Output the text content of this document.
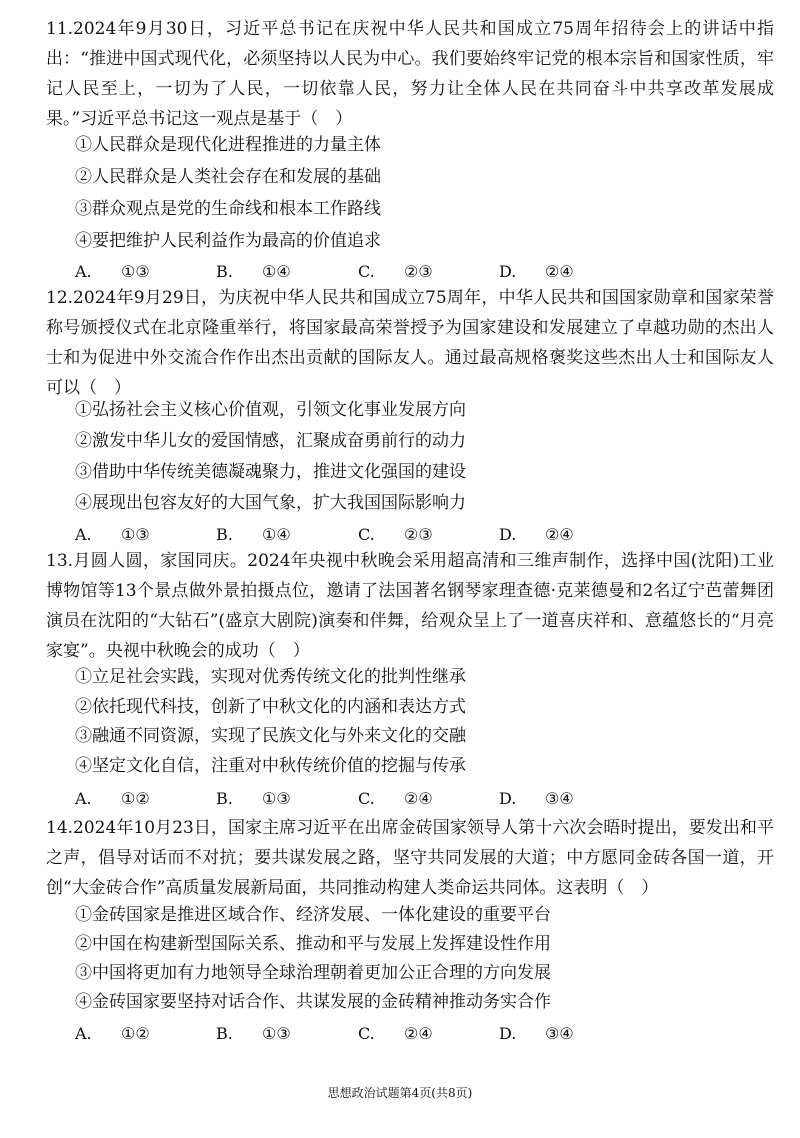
11.2024年9月30日，习近平总书记在庆祝中华人民共和国成立75周年招待会上的讲话中指出：“推进中国式现代化，必须坚持以人民为中心。我们要始终牢记党的根本宗旨和国家性质，牢记人民至上，一切为了人民，一切依靠人民，努力让全体人民在共同奋斗中共享改革发展成果。”习近平总书记这一观点是基于（　）
①人民群众是现代化进程推进的力量主体
②人民群众是人类社会存在和发展的基础
③群众观点是党的生命线和根本工作路线
④要把维护人民利益作为最高的价值追求
A. ①③	B. ①④	C. ②③	D. ②④
12.2024年9月29日，为庆祝中华人民共和国成立75周年，中华人民共和国国家勋章和国家荣誉称号颁授仪式在北京隆重举行，将国家最高荣誉授予为国家建设和发展建立了卓越功勋的杰出人士和为促进中外交流合作作出杰出贡献的国际友人。通过最高规格褒奖这些杰出人士和国际友人可以（　）
①弘扬社会主义核心价值观，引领文化事业发展方向
②激发中华儿女的爱国情感，汇聚成奋勇前行的动力
③借助中华传统美德凝魂聚力，推进文化强国的建设
④展现出包容友好的大国气象，扩大我国国际影响力
A. ①③	B. ①④	C. ②③	D. ②④
13.月圆人圆，家国同庆。2024年央视中秋晚会采用超高清和三维声制作，选择中国(沈阳)工业博物馆等13个景点做外景拍摄点位，邀请了法国著名钢琴家理查德·克莱德曼和2名辽宁芭蕾舞团演员在沈阳的“大钻石”(盛京大剧院)演奏和伴舞，给观众呈上了一道喜庆祥和、意蕴悠长的“月亮家宴”。央视中秋晚会的成功（　）
①立足社会实践，实现对优秀传统文化的批判性继承
②依托现代科技，创新了中秋文化的内涵和表达方式
③融通不同资源，实现了民族文化与外来文化的交融
④坚定文化自信，注重对中秋传统价值的挖掘与传承
A. ①②	B. ①③	C. ②④	D. ③④
14.2024年10月23日，国家主席习近平在出席金砖国家领导人第十六次会晤时提出，要发出和平之声，倡导对话而不对抗；要共谋发展之路，坚守共同发展的大道；中方愿同金砖各国一道，开创“大金砖合作”高质量发展新局面，共同推动构建人类命运共同体。这表明（　）
①金砖国家是推进区域合作、经济发展、一体化建设的重要平台
②中国在构建新型国际关系、推动和平与发展上发挥建设性作用
③中国将更加有力地领导全球治理朝着更加公正合理的方向发展
④金砖国家要坚持对话合作、共谋发展的金砖精神推动务实合作
A. ①②	B. ①③	C. ②④	D. ③④
思想政治试题第4页(共8页)
